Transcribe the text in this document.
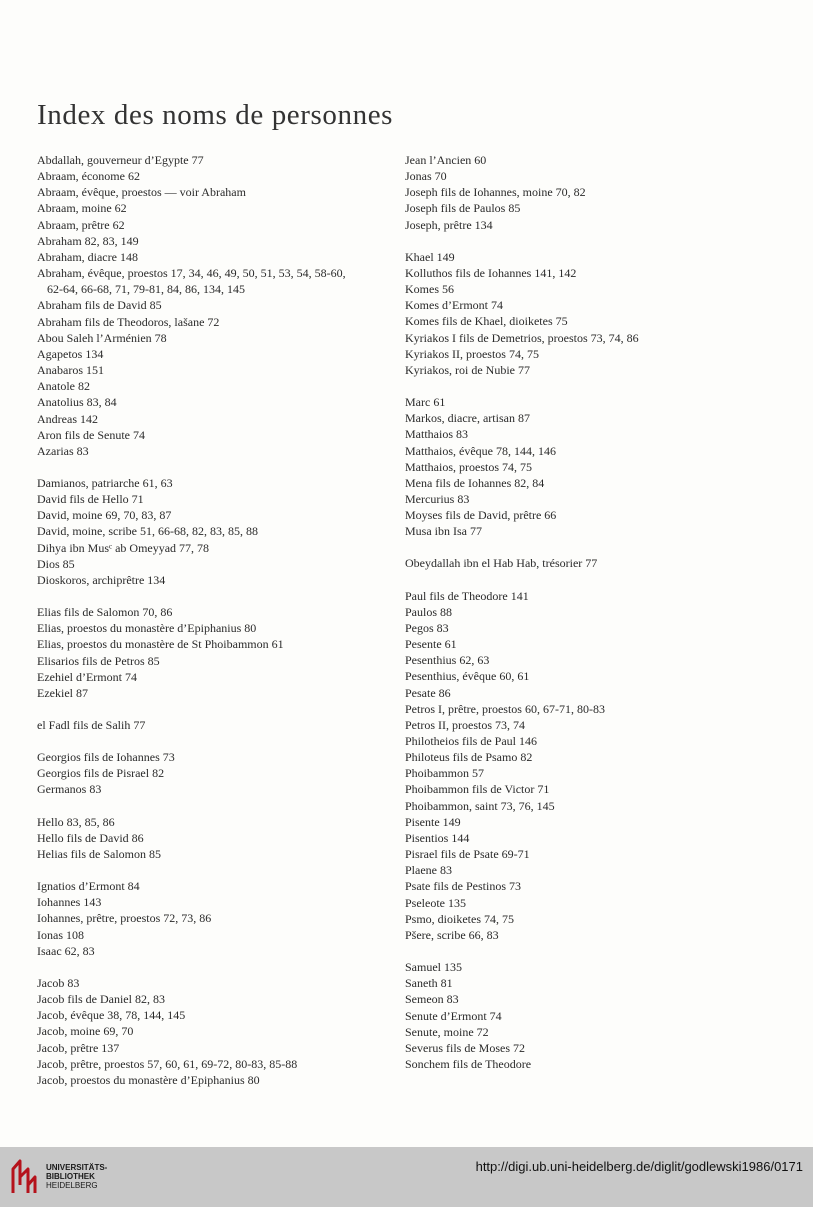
Index des noms de personnes
Abdallah, gouverneur d’Egypte 77
Abraam, économe 62
Abraam, évêque, proestos — voir Abraham
Abraam, moine 62
Abraam, prêtre 62
Abraham 82, 83, 149
Abraham, diacre 148
Abraham, évêque, proestos 17, 34, 46, 49, 50, 51, 53, 54, 58-60,
62-64, 66-68, 71, 79-81, 84, 86, 134, 145
Abraham fils de David 85
Abraham fils de Theodoros, lašane 72
Abou Saleh l’Arménien 78
Agapetos 134
Anabaros 151
Anatole 82
Anatolius 83, 84
Andreas 142
Aron fils de Senute 74
Azarias 83
Damianos, patriarche 61, 63
David fils de Hello 71
David, moine 69, 70, 83, 87
David, moine, scribe 51, 66-68, 82, 83, 85, 88
Dihya ibn Musᶜ ab Omeyyad 77, 78
Dios 85
Dioskoros, archiprêtre 134
Elias fils de Salomon 70, 86
Elias, proestos du monastère d’Epiphanius 80
Elias, proestos du monastère de St Phoibammon 61
Elisarios fils de Petros 85
Ezehiel d’Ermont 74
Ezekiel 87
el Fadl fils de Salih 77
Georgios fils de Iohannes 73
Georgios fils de Pisrael 82
Germanos 83
Hello 83, 85, 86
Hello fils de David 86
Helias fils de Salomon 85
Ignatios d’Ermont 84
Iohannes 143
Iohannes, prêtre, proestos 72, 73, 86
Ionas 108
Isaac 62, 83
Jacob 83
Jacob fils de Daniel 82, 83
Jacob, évêque 38, 78, 144, 145
Jacob, moine 69, 70
Jacob, prêtre 137
Jacob, prêtre, proestos 57, 60, 61, 69-72, 80-83, 85-88
Jacob, proestos du monastère d’Epiphanius 80
Jean l’Ancien 60
Jonas 70
Joseph fils de Iohannes, moine 70, 82
Joseph fils de Paulos 85
Joseph, prêtre 134
Khael 149
Kolluthos fils de Iohannes 141, 142
Komes 56
Komes d’Ermont 74
Komes fils de Khael, dioiketes 75
Kyriakos I fils de Demetrios, proestos 73, 74, 86
Kyriakos II, proestos 74, 75
Kyriakos, roi de Nubie 77
Marc 61
Markos, diacre, artisan 87
Matthaios 83
Matthaios, évêque 78, 144, 146
Matthaios, proestos 74, 75
Mena fils de Iohannes 82, 84
Mercurius 83
Moyses fils de David, prêtre 66
Musa ibn Isa 77
Obeydallah ibn el Hab Hab, trésorier 77
Paul fils de Theodore 141
Paulos 88
Pegos 83
Pesente 61
Pesenthius 62, 63
Pesenthius, évêque 60, 61
Pesate 86
Petros I, prêtre, proestos 60, 67-71, 80-83
Petros II, proestos 73, 74
Philotheios fils de Paul 146
Philoteus fils de Psamo 82
Phoibammon 57
Phoibammon fils de Victor 71
Phoibammon, saint 73, 76, 145
Pisente 149
Pisentios 144
Pisrael fils de Psate 69-71
Plaene 83
Psate fils de Pestinos 73
Pseleote 135
Psmo, dioiketes 74, 75
Pšere, scribe 66, 83
Samuel 135
Saneth 81
Semeon 83
Senute d’Ermont 74
Senute, moine 72
Severus fils de Moses 72
Sonchem fils de Theodore
UNIVERSITÄTS-
BIBLIOTHEK
HEIDELBERG
http://digi.ub.uni-heidelberg.de/diglit/godlewski1986/0171
